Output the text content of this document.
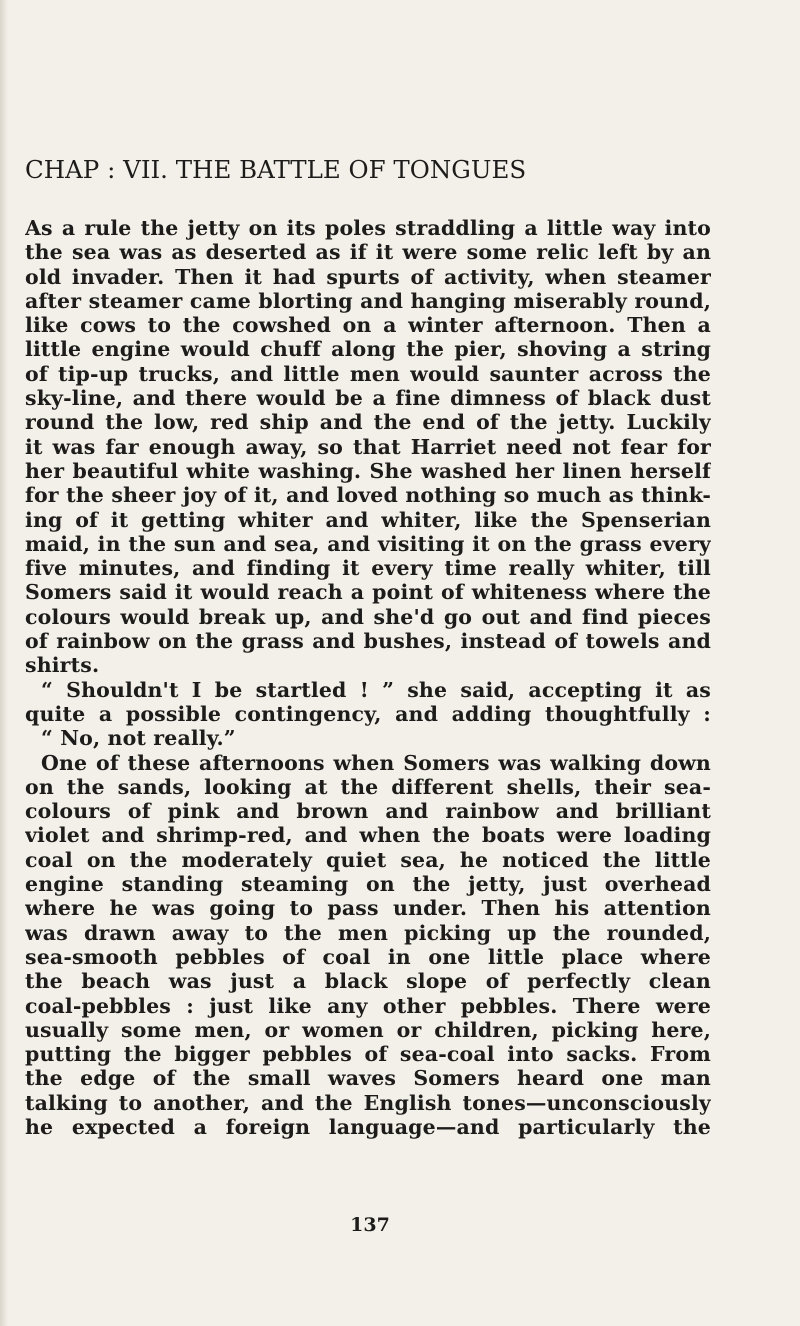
CHAP : VII. THE BATTLE OF TONGUES
As a rule the jetty on its poles straddling a little way into
the sea was as deserted as if it were some relic left by an
old invader. Then it had spurts of activity, when steamer
after steamer came blorting and hanging miserably round,
like cows to the cowshed on a winter afternoon. Then a
little engine would chuff along the pier, shoving a string
of tip-up trucks, and little men would saunter across the
sky-line, and there would be a fine dimness of black dust
round the low, red ship and the end of the jetty. Luckily
it was far enough away, so that Harriet need not fear for
her beautiful white washing. She washed her linen herself
for the sheer joy of it, and loved nothing so much as think-
ing of it getting whiter and whiter, like the Spenserian
maid, in the sun and sea, and visiting it on the grass every
five minutes, and finding it every time really whiter, till
Somers said it would reach a point of whiteness where the
colours would break up, and she'd go out and find pieces
of rainbow on the grass and bushes, instead of towels and
shirts.
“ Shouldn't I be startled ! ” she said, accepting it as
quite a possible contingency, and adding thoughtfully :
“ No, not really.”
One of these afternoons when Somers was walking down
on the sands, looking at the different shells, their sea-
colours of pink and brown and rainbow and brilliant
violet and shrimp-red, and when the boats were loading
coal on the moderately quiet sea, he noticed the little
engine standing steaming on the jetty, just overhead
where he was going to pass under. Then his attention
was drawn away to the men picking up the rounded,
sea-smooth pebbles of coal in one little place where
the beach was just a black slope of perfectly clean
coal-pebbles : just like any other pebbles. There were
usually some men, or women or children, picking here,
putting the bigger pebbles of sea-coal into sacks. From
the edge of the small waves Somers heard one man
talking to another, and the English tones—unconsciously
he expected a foreign language—and particularly the
137
